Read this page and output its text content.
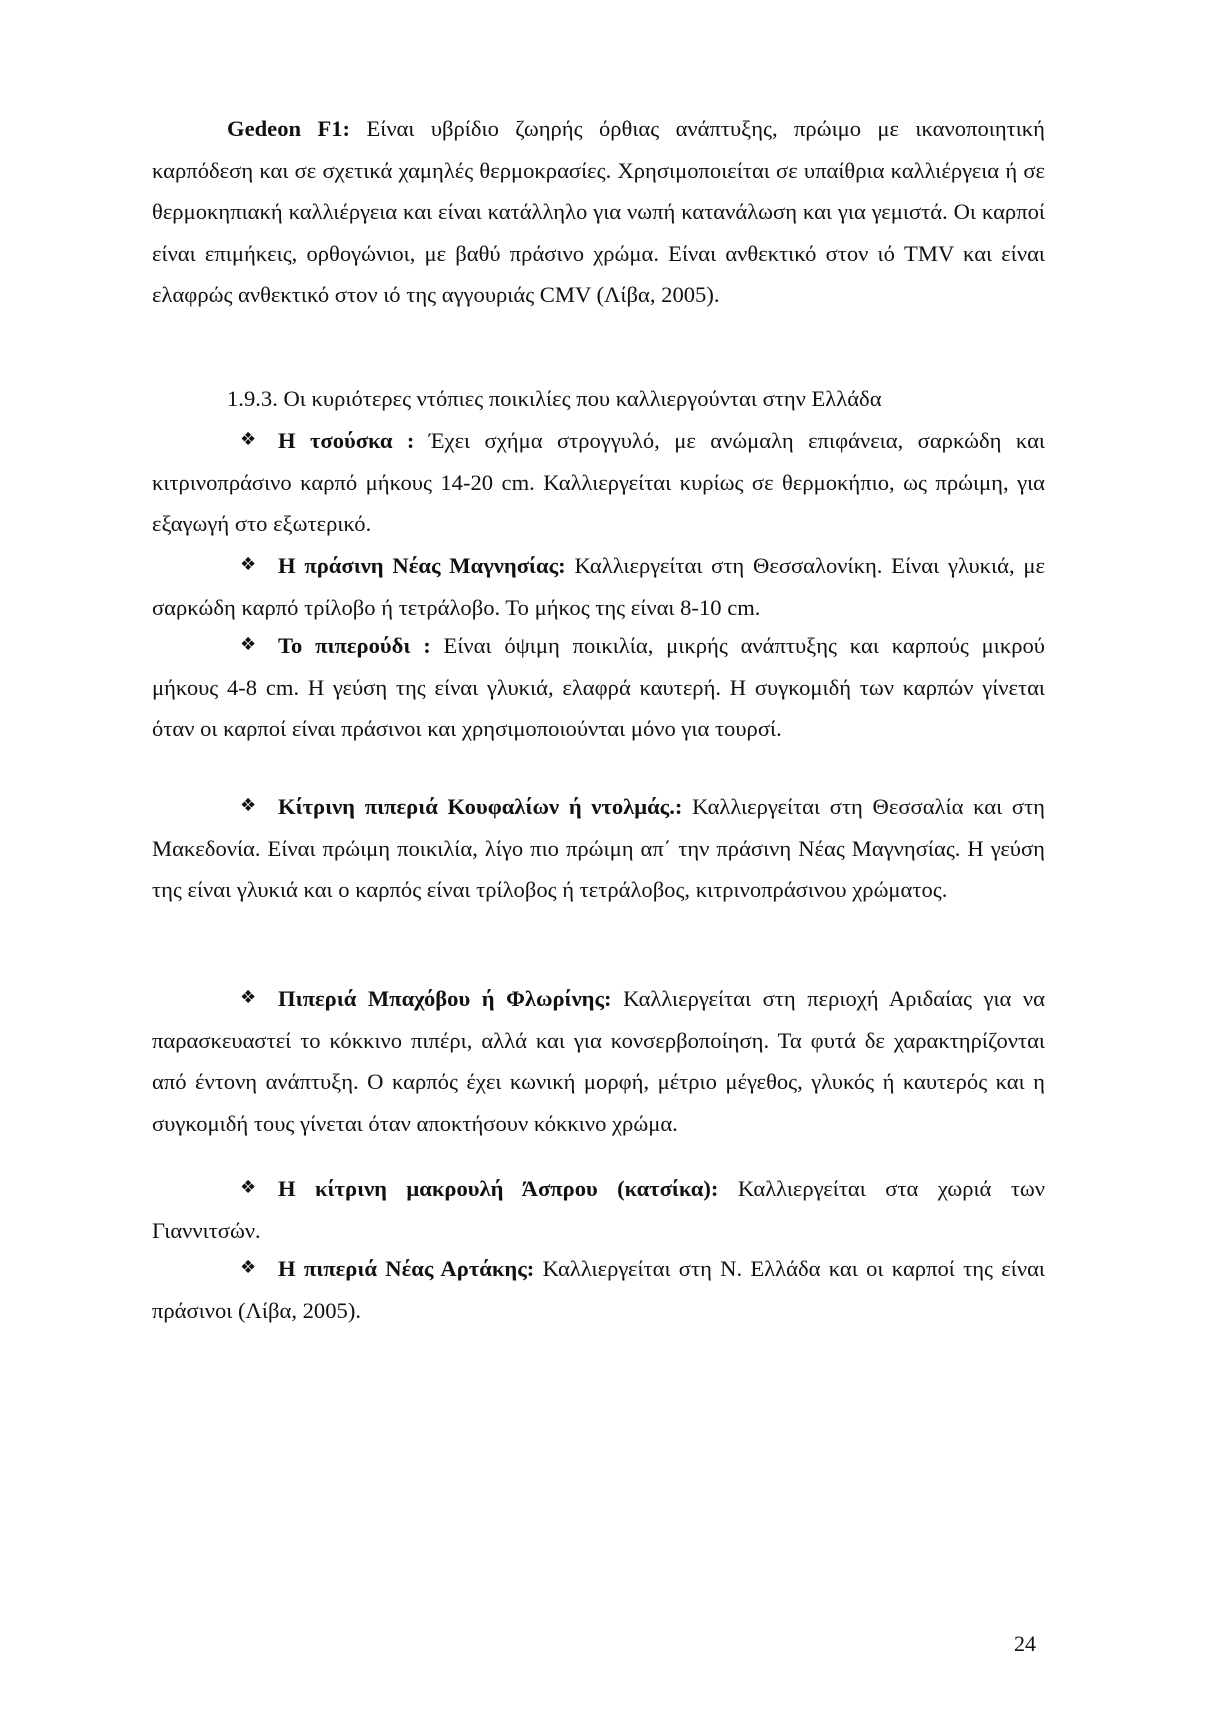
Gedeon F1: Είναι υβρίδιο ζωηρής όρθιας ανάπτυξης, πρώιμο με ικανοποιητική καρπόδεση και σε σχετικά χαμηλές θερμοκρασίες. Χρησιμοποιείται σε υπαίθρια καλλιέργεια ή σε θερμοκηπιακή καλλιέργεια και είναι κατάλληλο για νωπή κατανάλωση και για γεμιστά. Οι καρποί είναι επιμήκεις, ορθογώνιοι, με βαθύ πράσινο χρώμα. Είναι ανθεκτικό στον ιό TMV και είναι ελαφρώς ανθεκτικό στον ιό της αγγουριάς CMV (Λίβα, 2005).

1.9.3. Οι κυριότερες ντόπιες ποικιλίες που καλλιεργούνται στην Ελλάδα

❖ Η τσούσκα : Έχει σχήμα στρογγυλό, με ανώμαλη επιφάνεια, σαρκώδη και κιτρινοπράσινο καρπό μήκους 14-20 cm. Καλλιεργείται κυρίως σε θερμοκήπιο, ως πρώιμη, για εξαγωγή στο εξωτερικό.

❖ Η πράσινη Νέας Μαγνησίας: Καλλιεργείται στη Θεσσαλονίκη. Είναι γλυκιά, με σαρκώδη καρπό τρίλοβο ή τετράλοβο. Το μήκος της είναι 8-10 cm.

❖ Το πιπερούδι : Είναι όψιμη ποικιλία, μικρής ανάπτυξης και καρπούς μικρού μήκους 4-8 cm. Η γεύση της είναι γλυκιά, ελαφρά καυτερή. Η συγκομιδή των καρπών γίνεται όταν οι καρποί είναι πράσινοι και χρησιμοποιούνται μόνο για τουρσί.

❖ Κίτρινη πιπεριά Κουφαλίων ή ντολμάς.: Καλλιεργείται στη Θεσσαλία και στη Μακεδονία. Είναι πρώιμη ποικιλία, λίγο πιο πρώιμη απ΄ την πράσινη Νέας Μαγνησίας. Η γεύση της είναι γλυκιά και ο καρπός είναι τρίλοβος ή τετράλοβος, κιτρινοπράσινου χρώματος.

❖ Πιπεριά Μπαχόβου ή Φλωρίνης: Καλλιεργείται στη περιοχή Αριδαίας για να παρασκευαστεί το κόκκινο πιπέρι, αλλά και για κονσερβοποίηση. Τα φυτά δε χαρακτηρίζονται από έντονη ανάπτυξη. Ο καρπός έχει κωνική μορφή, μέτριο μέγεθος, γλυκός ή καυτερός και η συγκομιδή τους γίνεται όταν αποκτήσουν κόκκινο χρώμα.

❖ Η κίτρινη μακρουλή Άσπρου (κατσίκα): Καλλιεργείται στα χωριά των Γιαννιτσών.

❖ Η πιπεριά Νέας Αρτάκης: Καλλιεργείται στη Ν. Ελλάδα και οι καρποί της είναι πράσινοι (Λίβα, 2005).

24
